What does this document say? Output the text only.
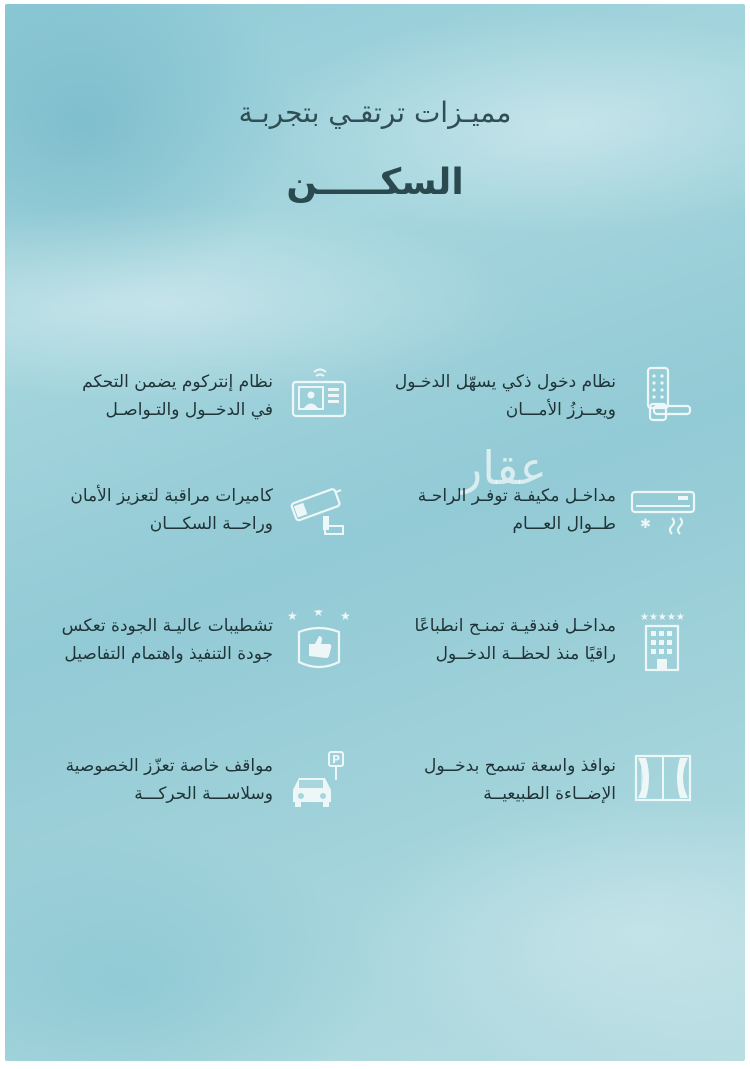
مميـزات ترتقـي بتجربـة
السكـــــن
عقار
نظام دخول ذكي يسهّل الدخـول
ويعــززُ الأمـــان
نظام إنتركوم يضمن التحكم
في الدخــول والتـواصـل
مداخـل مكيفـة توفـر الراحـة
طــوال العـــام ✱
كاميرات مراقبة لتعزيز الأمان
وراحــة السكـــان
مداخـل فندقيـة تمنـح انطباعًا
راقيًا منذ لحظــة الدخــول
★★★★★
تشطيبات عاليـة الجودة تعكس
جودة التنفيذ واهتمام التفاصيل
★ ★ ★
نوافذ واسعة تسمح بدخــول
الإضــاءة الطبيعيــة
مواقف خاصة تعزّز الخصوصية
وسلاســـة الحركـــة
P
